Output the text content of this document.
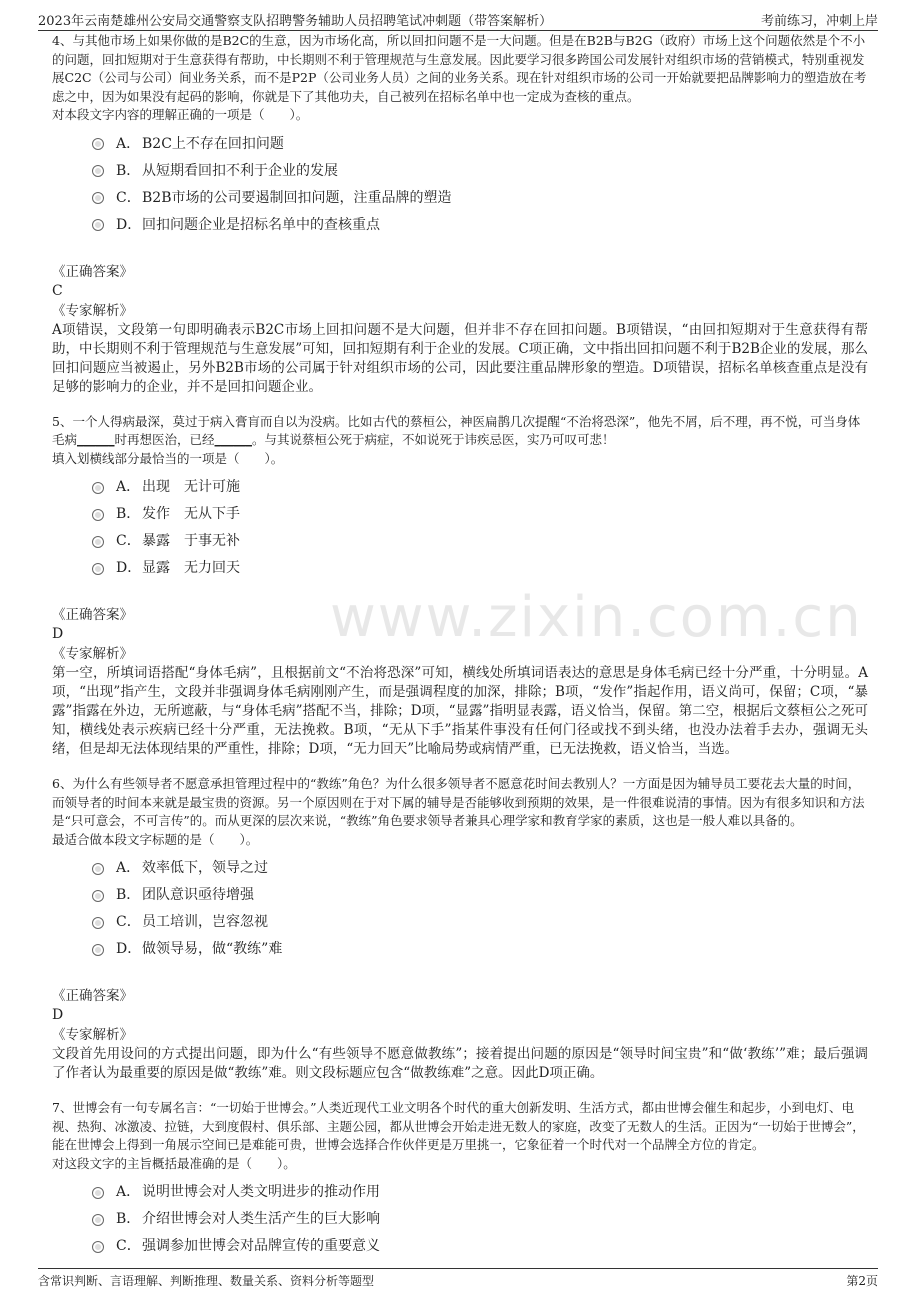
2023年云南楚雄州公安局交通警察支队招聘警务辅助人员招聘笔试冲刺题（带答案解析）	考前练习，冲刺上岸
www.zixin.com.cn
4、与其他市场上如果你做的是B2C的生意，因为市场化高，所以回扣问题不是一大问题。但是在B2B与B2G（政府）市场上这个问题依然是个不小的问题，回扣短期对于生意获得有帮助，中长期则不利于管理规范与生意发展。因此要学习很多跨国公司发展针对组织市场的营销模式，特别重视发展C2C（公司与公司）间业务关系，而不是P2P（公司业务人员）之间的业务关系。现在针对组织市场的公司一开始就要把品牌影响力的塑造放在考虑之中，因为如果没有起码的影响，你就是下了其他功夫，自己被列在招标名单中也一定成为查核的重点。
对本段文字内容的理解正确的一项是（　　）。
A． B2C上不存在回扣问题
B． 从短期看回扣不利于企业的发展
C． B2B市场的公司要遏制回扣问题，注重品牌的塑造
D． 回扣问题企业是招标名单中的查核重点
《正确答案》
C
《专家解析》
A项错误，文段第一句即明确表示B2C市场上回扣问题不是大问题，但并非不存在回扣问题。B项错误，“由回扣短期对于生意获得有帮助，中长期则不利于管理规范与生意发展”可知，回扣短期有利于企业的发展。C项正确，文中指出回扣问题不利于B2B企业的发展，那么回扣问题应当被遏止，另外B2B市场的公司属于针对组织市场的公司，因此要注重品牌形象的塑造。D项错误，招标名单核查重点是没有足够的影响力的企业，并不是回扣问题企业。
5、一个人得病最深，莫过于病入膏肓而自以为没病。比如古代的蔡桓公，神医扁鹊几次提醒“不治将恐深”，他先不屑，后不理，再不悦，可当身体毛病______时再想医治，已经______。与其说蔡桓公死于病症，不如说死于讳疾忌医，实乃可叹可悲！
填入划横线部分最恰当的一项是（　　）。
A． 出现　无计可施
B． 发作　无从下手
C． 暴露　于事无补
D． 显露　无力回天
《正确答案》
D
《专家解析》
第一空，所填词语搭配“身体毛病”，且根据前文“不治将恐深”可知，横线处所填词语表达的意思是身体毛病已经十分严重，十分明显。A项，“出现”指产生，文段并非强调身体毛病刚刚产生，而是强调程度的加深，排除；B项，“发作”指起作用，语义尚可，保留；C项，“暴露”指露在外边，无所遮蔽，与“身体毛病”搭配不当，排除；D项，“显露”指明显表露，语义恰当，保留。第二空，根据后文蔡桓公之死可知，横线处表示疾病已经十分严重，无法挽救。B项，“无从下手”指某件事没有任何门径或找不到头绪，也没办法着手去办，强调无头绪，但是却无法体现结果的严重性，排除；D项，“无力回天”比喻局势或病情严重，已无法挽救，语义恰当，当选。
6、为什么有些领导者不愿意承担管理过程中的“教练”角色？为什么很多领导者不愿意花时间去教别人？一方面是因为辅导员工要花去大量的时间，而领导者的时间本来就是最宝贵的资源。另一个原因则在于对下属的辅导是否能够收到预期的效果，是一件很难说清的事情。因为有很多知识和方法是“只可意会，不可言传”的。而从更深的层次来说，“教练”角色要求领导者兼具心理学家和教育学家的素质，这也是一般人难以具备的。
最适合做本段文字标题的是（　　）。
A． 效率低下，领导之过
B． 团队意识亟待增强
C． 员工培训，岂容忽视
D． 做领导易，做“教练”难
《正确答案》
D
《专家解析》
文段首先用设问的方式提出问题，即为什么“有些领导不愿意做教练”；接着提出问题的原因是“领导时间宝贵”和“做‘教练’”难；最后强调了作者认为最重要的原因是做“教练”难。则文段标题应包含“做教练难”之意。因此D项正确。
7、世博会有一句专属名言：“一切始于世博会。”人类近现代工业文明各个时代的重大创新发明、生活方式，都由世博会催生和起步，小到电灯、电视、热狗、冰激凌、拉链，大到度假村、俱乐部、主题公园，都从世博会开始走进无数人的家庭，改变了无数人的生活。正因为“一切始于世博会”，能在世博会上得到一角展示空间已是难能可贵，世博会选择合作伙伴更是万里挑一，它象征着一个时代对一个品牌全方位的肯定。
对这段文字的主旨概括最准确的是（　　）。
A． 说明世博会对人类文明进步的推动作用
B． 介绍世博会对人类生活产生的巨大影响
C． 强调参加世博会对品牌宣传的重要意义
含常识判断、言语理解、判断推理、数量关系、资料分析等题型	第2页
